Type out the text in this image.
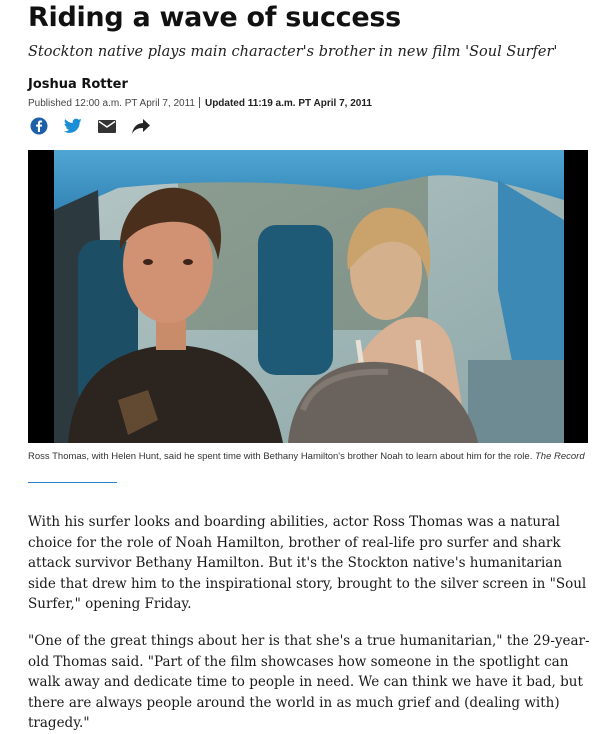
Riding a wave of success

Stockton native plays main character's brother in new film 'Soul Surfer'

Joshua Rotter
Published 12:00 a.m. PT April 7, 2011 Updated 11:19 a.m. PT April 7, 2011
Ross Thomas, with Helen Hunt, said he spent time with Bethany Hamilton's brother Noah to learn about him for the role. The Record

With his surfer looks and boarding abilities, actor Ross Thomas was a natural choice for the role of Noah Hamilton, brother of real-life pro surfer and shark attack survivor Bethany Hamilton. But it's the Stockton native's humanitarian side that drew him to the inspirational story, brought to the silver screen in "Soul Surfer," opening Friday.

"One of the great things about her is that she's a true humanitarian," the 29-year-old Thomas said. "Part of the film showcases how someone in the spotlight can walk away and dedicate time to people in need. We can think we have it bad, but there are always people around the world in as much grief and (dealing with) tragedy."
